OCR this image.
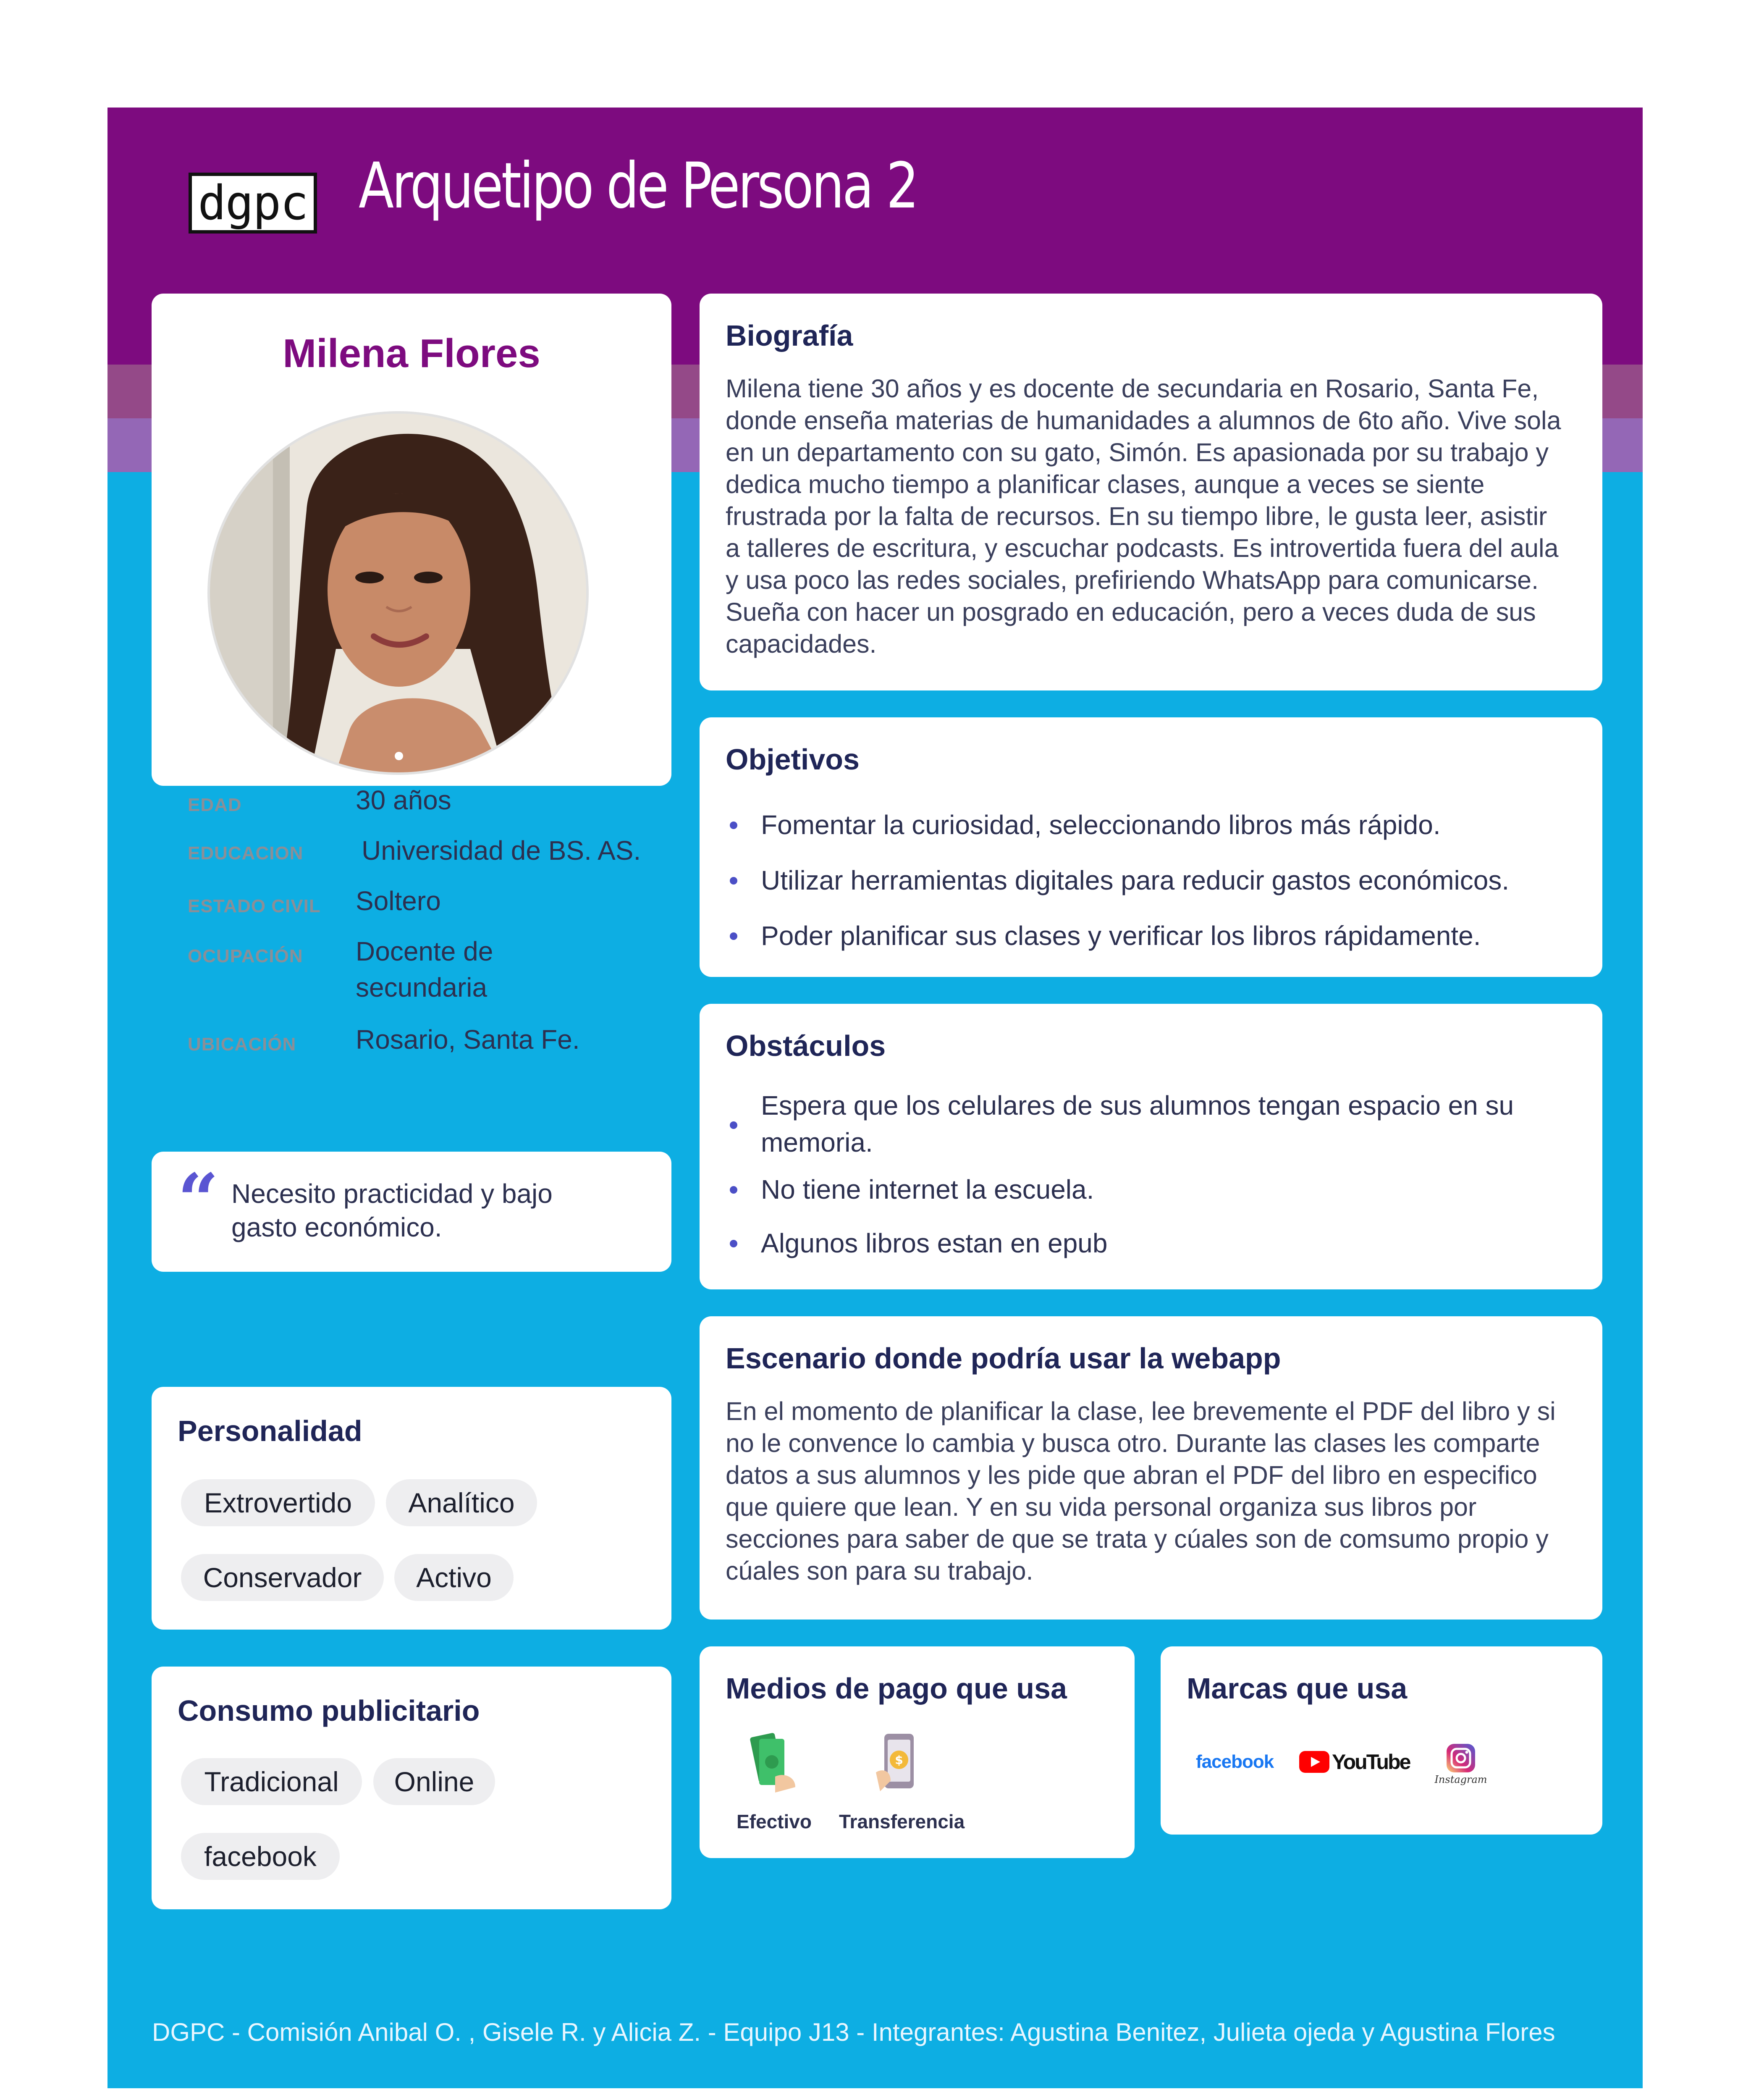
dgpc Arquetipo de Persona 2
Milena Flores
EDAD	30 años
EDUCACION Universidad de BS. AS.
ESTADO CIVIL Soltero
OCUPACIÓN Docente de secundaria
UBICACIÓN Rosario, Santa Fe.
“ Necesito practicidad y bajo gasto económico.
Personalidad
Extrovertido	Analítico
Conservador	Activo
Consumo publicitario
Tradicional	Online
facebook
Biografía
Milena tiene 30 años y es docente de secundaria en Rosario, Santa Fe, donde enseña materias de humanidades a alumnos de 6to año. Vive sola en un departamento con su gato, Simón. Es apasionada por su trabajo y dedica mucho tiempo a planificar clases, aunque a veces se siente frustrada por la falta de recursos. En su tiempo libre, le gusta leer, asistir a talleres de escritura, y escuchar podcasts. Es introvertida fuera del aula y usa poco las redes sociales, prefiriendo WhatsApp para comunicarse. Sueña con hacer un posgrado en educación, pero a veces duda de sus capacidades.
Objetivos
Fomentar la curiosidad, seleccionando libros más rápido.
Utilizar herramientas digitales para reducir gastos económicos.
Poder planificar sus clases y verificar los libros rápidamente.
Obstáculos
Espera que los celulares de sus alumnos tengan espacio en su memoria.
No tiene internet la escuela.
Algunos libros estan en epub
Escenario donde podría usar la webapp
En el momento de planificar la clase, lee brevemente el PDF del libro y si no le convence lo cambia y busca otro. Durante las clases les comparte datos a sus alumnos y les pide que abran el PDF del libro en especifico que quiere que lean. Y en su vida personal organiza sus libros por secciones para saber de que se trata y cúales son de comsumo propio y cúales son para su trabajo.
Medios de pago que usa
Efectivo
$
Transferencia
Marcas que usa
facebook	YouTube
Instagram
DGPC - Comisión Anibal O. , Gisele R. y Alicia Z. - Equipo J13 - Integrantes: Agustina Benitez, Julieta ojeda y Agustina Flores
